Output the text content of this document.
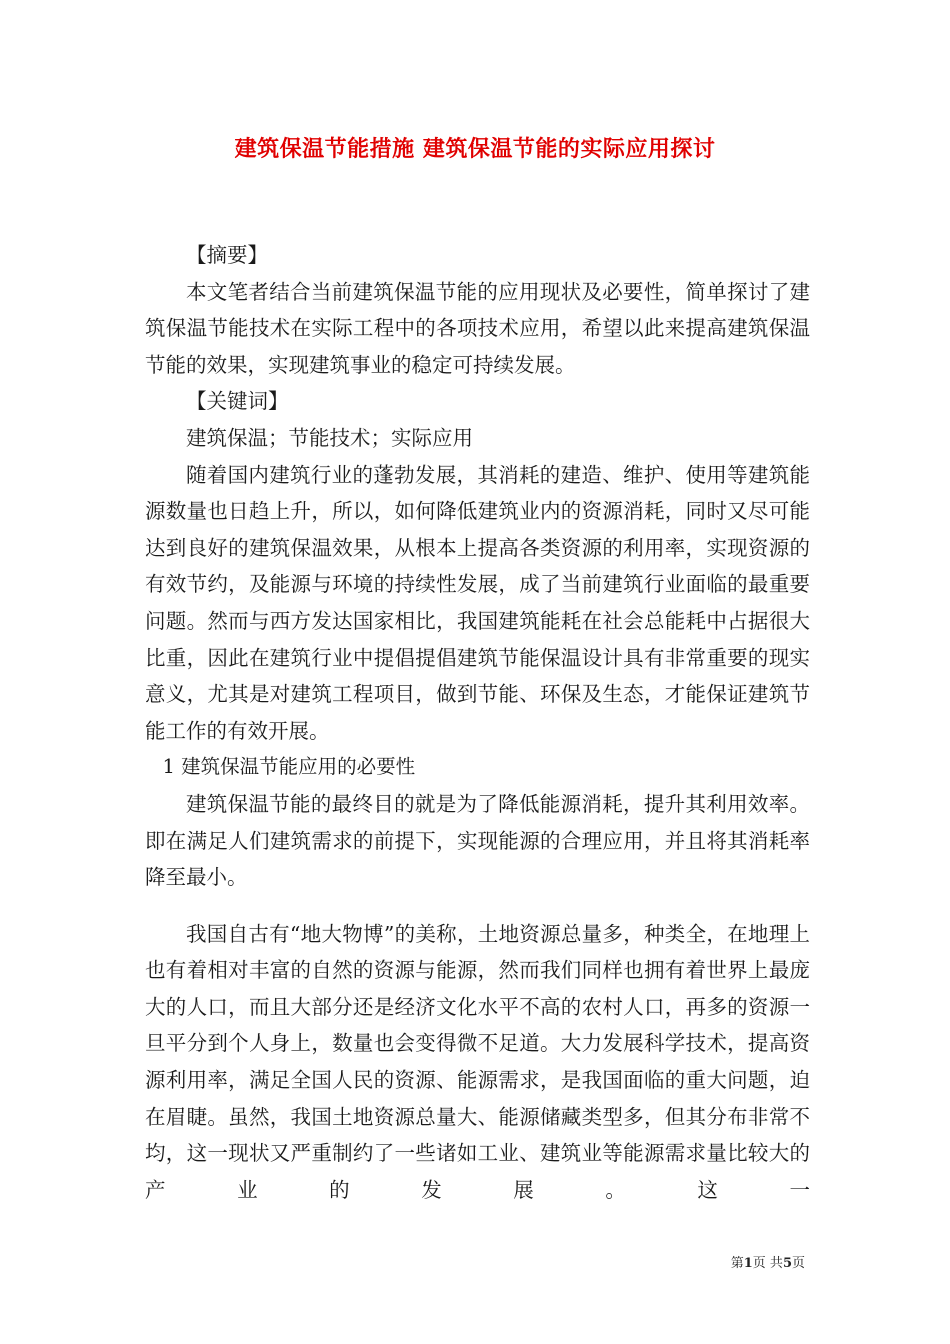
建筑保温节能措施 建筑保温节能的实际应用探讨

【摘要】

本文笔者结合当前建筑保温节能的应用现状及必要性，简单探讨了建筑保温节能技术在实际工程中的各项技术应用，希望以此来提高建筑保温节能的效果，实现建筑事业的稳定可持续发展。

【关键词】

建筑保温；节能技术；实际应用

随着国内建筑行业的蓬勃发展，其消耗的建造、维护、使用等建筑能源数量也日趋上升，所以，如何降低建筑业内的资源消耗，同时又尽可能达到良好的建筑保温效果，从根本上提高各类资源的利用率，实现资源的有效节约，及能源与环境的持续性发展，成了当前建筑行业面临的最重要问题。然而与西方发达国家相比，我国建筑能耗在社会总能耗中占据很大比重，因此在建筑行业中提倡提倡建筑节能保温设计具有非常重要的现实意义，尤其是对建筑工程项目，做到节能、环保及生态，才能保证建筑节能工作的有效开展。

1 建筑保温节能应用的必要性

建筑保温节能的最终目的就是为了降低能源消耗，提升其利用效率。即在满足人们建筑需求的前提下，实现能源的合理应用，并且将其消耗率降至最小。

我国自古有“地大物博”的美称，土地资源总量多，种类全，在地理上也有着相对丰富的自然的资源与能源，然而我们同样也拥有着世界上最庞大的人口，而且大部分还是经济文化水平不高的农村人口，再多的资源一旦平分到个人身上，数量也会变得微不足道。大力发展科学技术，提高资源利用率，满足全国人民的资源、能源需求，是我国面临的重大问题，迫在眉睫。虽然，我国土地资源总量大、能源储藏类型多，但其分布非常不均，这一现状又严重制约了一些诸如工业、建筑业等能源需求量比较大的产业的发展。这一

第1页 共5页
